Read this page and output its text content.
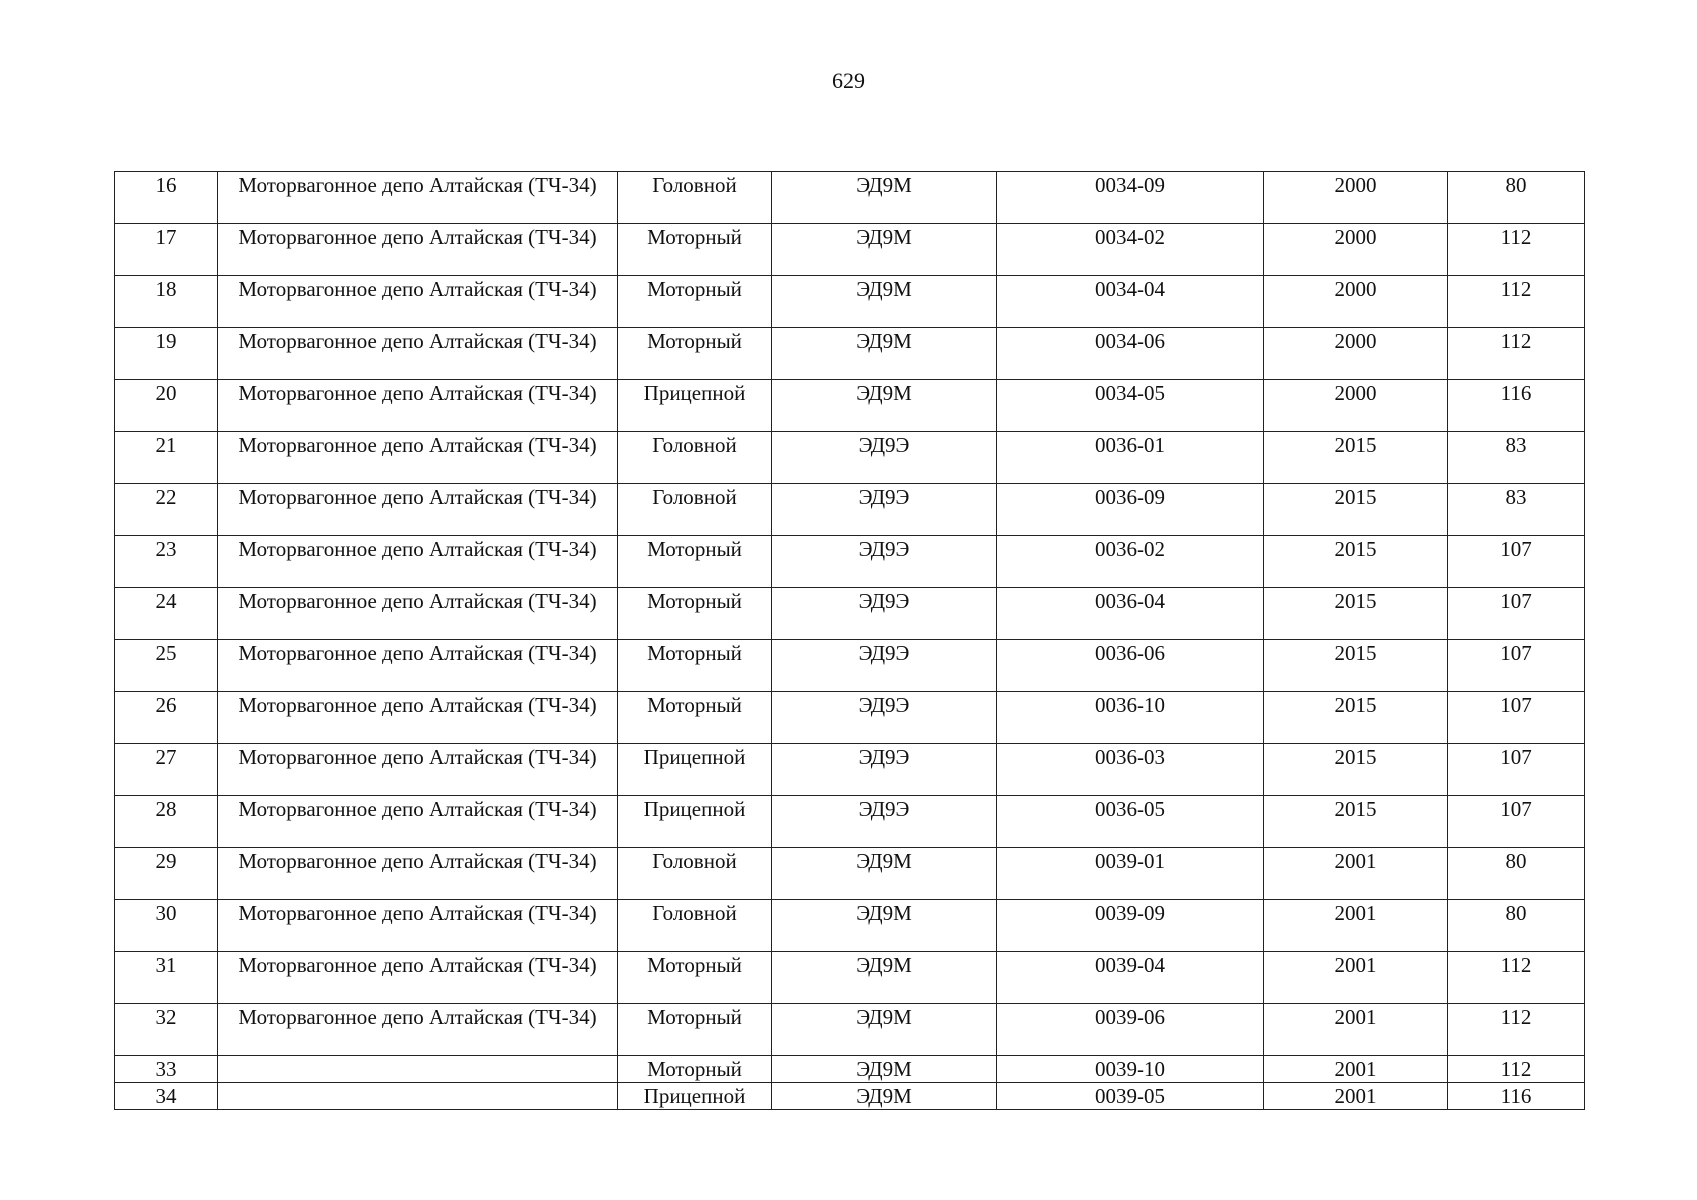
629
16	Моторвагонное депо Алтайская (ТЧ-34)	Головной	ЭД9М	0034-09	2000	80
17	Моторвагонное депо Алтайская (ТЧ-34)	Моторный	ЭД9М	0034-02	2000	112
18	Моторвагонное депо Алтайская (ТЧ-34)	Моторный	ЭД9М	0034-04	2000	112
19	Моторвагонное депо Алтайская (ТЧ-34)	Моторный	ЭД9М	0034-06	2000	112
20	Моторвагонное депо Алтайская (ТЧ-34)	Прицепной	ЭД9М	0034-05	2000	116
21	Моторвагонное депо Алтайская (ТЧ-34)	Головной	ЭД9Э	0036-01	2015	83
22	Моторвагонное депо Алтайская (ТЧ-34)	Головной	ЭД9Э	0036-09	2015	83
23	Моторвагонное депо Алтайская (ТЧ-34)	Моторный	ЭД9Э	0036-02	2015	107
24	Моторвагонное депо Алтайская (ТЧ-34)	Моторный	ЭД9Э	0036-04	2015	107
25	Моторвагонное депо Алтайская (ТЧ-34)	Моторный	ЭД9Э	0036-06	2015	107
26	Моторвагонное депо Алтайская (ТЧ-34)	Моторный	ЭД9Э	0036-10	2015	107
27	Моторвагонное депо Алтайская (ТЧ-34)	Прицепной	ЭД9Э	0036-03	2015	107
28	Моторвагонное депо Алтайская (ТЧ-34)	Прицепной	ЭД9Э	0036-05	2015	107
29	Моторвагонное депо Алтайская (ТЧ-34)	Головной	ЭД9М	0039-01	2001	80
30	Моторвагонное депо Алтайская (ТЧ-34)	Головной	ЭД9М	0039-09	2001	80
31	Моторвагонное депо Алтайская (ТЧ-34)	Моторный	ЭД9М	0039-04	2001	112
32	Моторвагонное депо Алтайская (ТЧ-34)	Моторный	ЭД9М	0039-06	2001	112
33		Моторный	ЭД9М	0039-10	2001	112
34		Прицепной	ЭД9М	0039-05	2001	116
